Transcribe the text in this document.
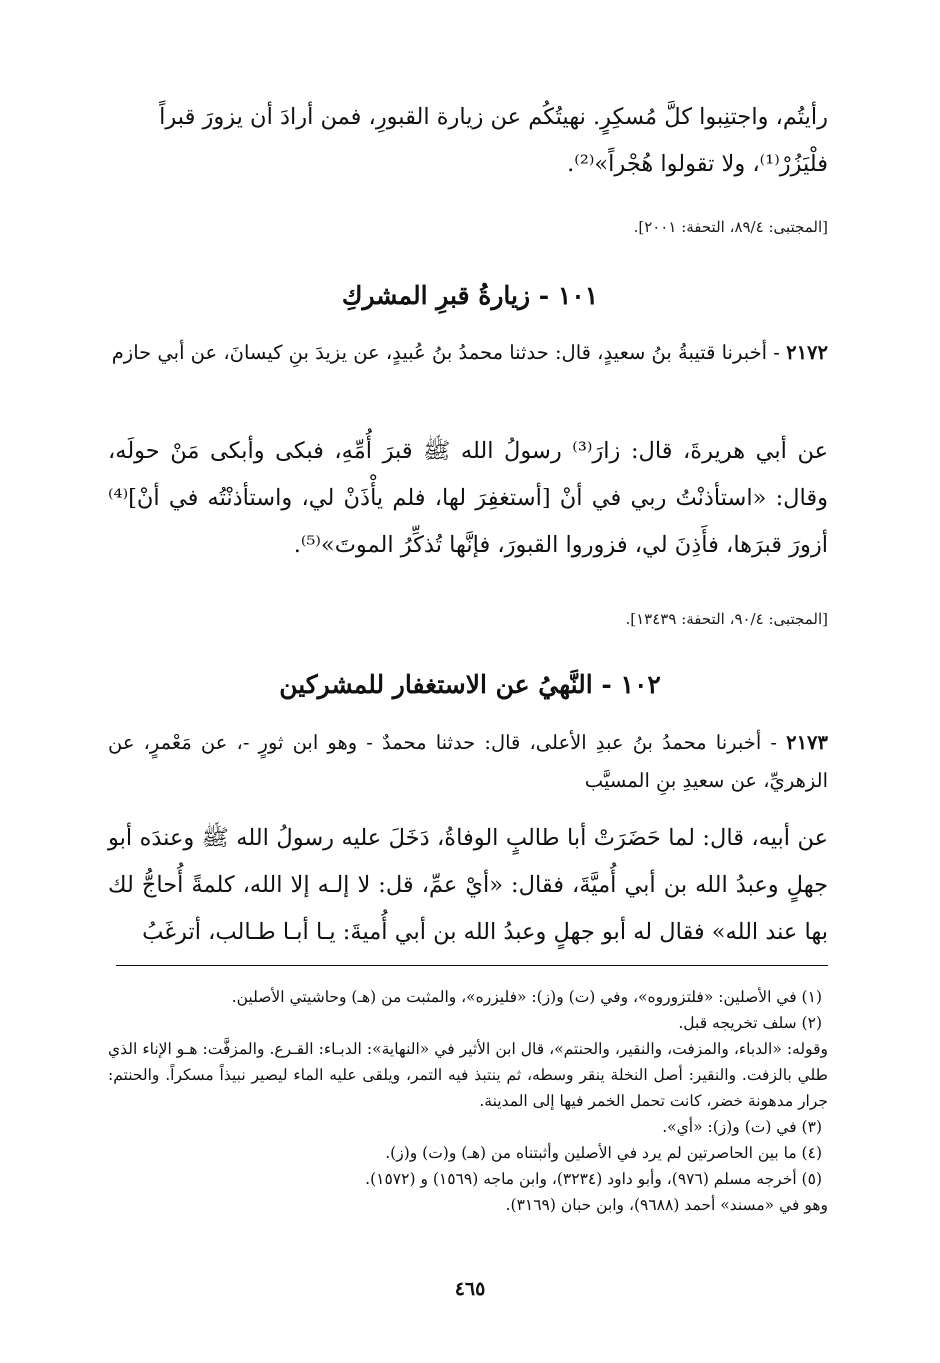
رأيتُم، واجتنِبوا كلَّ مُسكِرٍ. نهيتُكُم عن زيارة القبورِ، فمن أرادَ أن يزورَ قبراً

فلْيَزُرْ⁽¹⁾، ولا تقولوا هُجْراً»⁽²⁾.

[المجتبى: ٨٩/٤، التحفة: ٢٠٠١].
١٠١ - زيارةُ قبرِ المشركِ
٢١٧٢ - أخبرنا قتيبةُ بنُ سعيدٍ، قال: حدثنا محمدُ بنُ عُبيدٍ، عن يزيدَ بنِ كيسانَ، عن أبي حازم
عن أبي هريرةَ، قال: زارَ⁽³⁾ رسولُ الله ﷺ قبرَ أُمِّهِ، فبكى وأبكى مَنْ حولَه، وقال: «استأذنْتُ ربي في أنْ [أستغفِرَ لها، فلم يأْذَنْ لي، واستأذنْتُه في أنْ]⁽⁴⁾ أزورَ قبرَها، فأَذِنَ لي، فزوروا القبورَ، فإنَّها تُذكِّرُ الموتَ»⁽⁵⁾.
[المجتبى: ٩٠/٤، التحفة: ١٣٤٣٩].
١٠٢ - النَّهيُ عن الاستغفار للمشركين
٢١٧٣ - أخبرنا محمدُ بنُ عبدِ الأعلى، قال: حدثنا محمدٌ - وهو ابن ثورٍ -، عن مَعْمرٍ، عن الزهريِّ، عن سعيدِ بنِ المسيَّب
عن أبيه، قال: لما حَضَرَتْ أبا طالبٍ الوفاةُ، دَخَلَ عليه رسولُ الله ﷺ وعندَه أبو جهلٍ وعبدُ الله بن أبي أُميَّةَ، فقال: «أيْ عمِّ، قل: لا إلـه إلا الله، كلمةً أُحاجُّ لك بها عند الله» فقال له أبو جهلٍ وعبدُ الله بن أبي أُميةَ: يـا أبـا طـالب، أترغَبُ

(١) في الأصلين: «فلتزوروه»، وفي (ت) و(ز): «فليزره»، والمثبت من (هـ) وحاشيتي الأصلين.

(٢) سلف تخريجه قبل.

وقوله: «الدباء، والمزفت، والنقير، والحنتم»، قال ابن الأثير في «النهاية»: الدبـاء: القـرع. والمزفَّت: هـو الإناء الذي طلي بالزفت. والنقير: أصل النخلة ينقر وسطه، ثم ينتبذ فيه التمر، ويلقى عليه الماء ليصير نبيذاً مسكراً. والحنتم: جرار مدهونة خضر، كانت تحمل الخمر فيها إلى المدينة.

(٣) في (ت) و(ز): «أي».

(٤) ما بين الحاصرتين لم يرد في الأصلين وأثبتناه من (هـ) و(ت) و(ز).

(٥) أخرجه مسلم (٩٧٦)، وأبو داود (٣٢٣٤)، وابن ماجه (١٥٦٩) و (١٥٧٢).

وهو في «مسند» أحمد (٩٦٨٨)، وابن حبان (٣١٦٩).

٤٦٥
